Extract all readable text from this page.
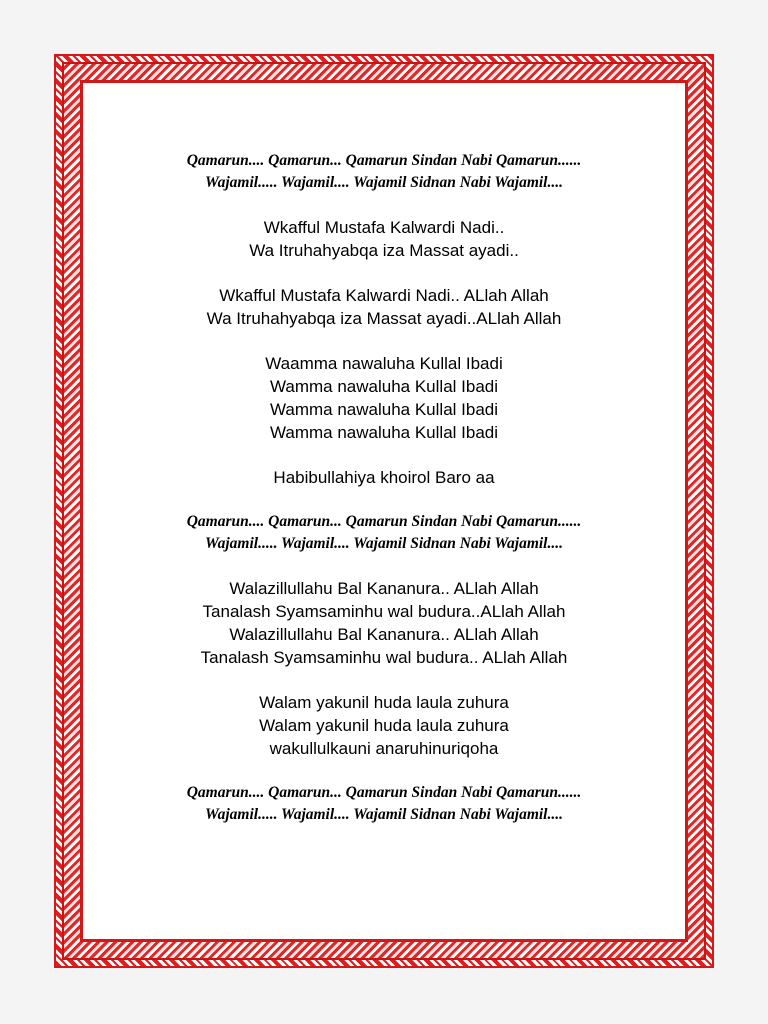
Qamarun.... Qamarun... Qamarun Sindan Nabi Qamarun......
Wajamil..... Wajamil.... Wajamil Sidnan Nabi Wajamil....
Wkafful Mustafa Kalwardi Nadi..
Wa Itruhahyabqa iza Massat ayadi..
Wkafful Mustafa Kalwardi Nadi.. ALlah Allah
Wa Itruhahyabqa iza Massat ayadi..ALlah Allah
Waamma nawaluha Kullal Ibadi
Wamma nawaluha Kullal Ibadi
Wamma nawaluha Kullal Ibadi
Wamma nawaluha Kullal Ibadi
Habibullahiya khoirol Baro aa
Qamarun.... Qamarun... Qamarun Sindan Nabi Qamarun......
Wajamil..... Wajamil.... Wajamil Sidnan Nabi Wajamil....
Walazillullahu Bal Kananura.. ALlah Allah
Tanalash Syamsaminhu wal budura..ALlah Allah
Walazillullahu Bal Kananura.. ALlah Allah
Tanalash Syamsaminhu wal budura.. ALlah Allah
Walam yakunil huda laula zuhura
Walam yakunil huda laula zuhura
wakullulkauni anaruhinuriqoha
Qamarun.... Qamarun... Qamarun Sindan Nabi Qamarun......
Wajamil..... Wajamil.... Wajamil Sidnan Nabi Wajamil....
